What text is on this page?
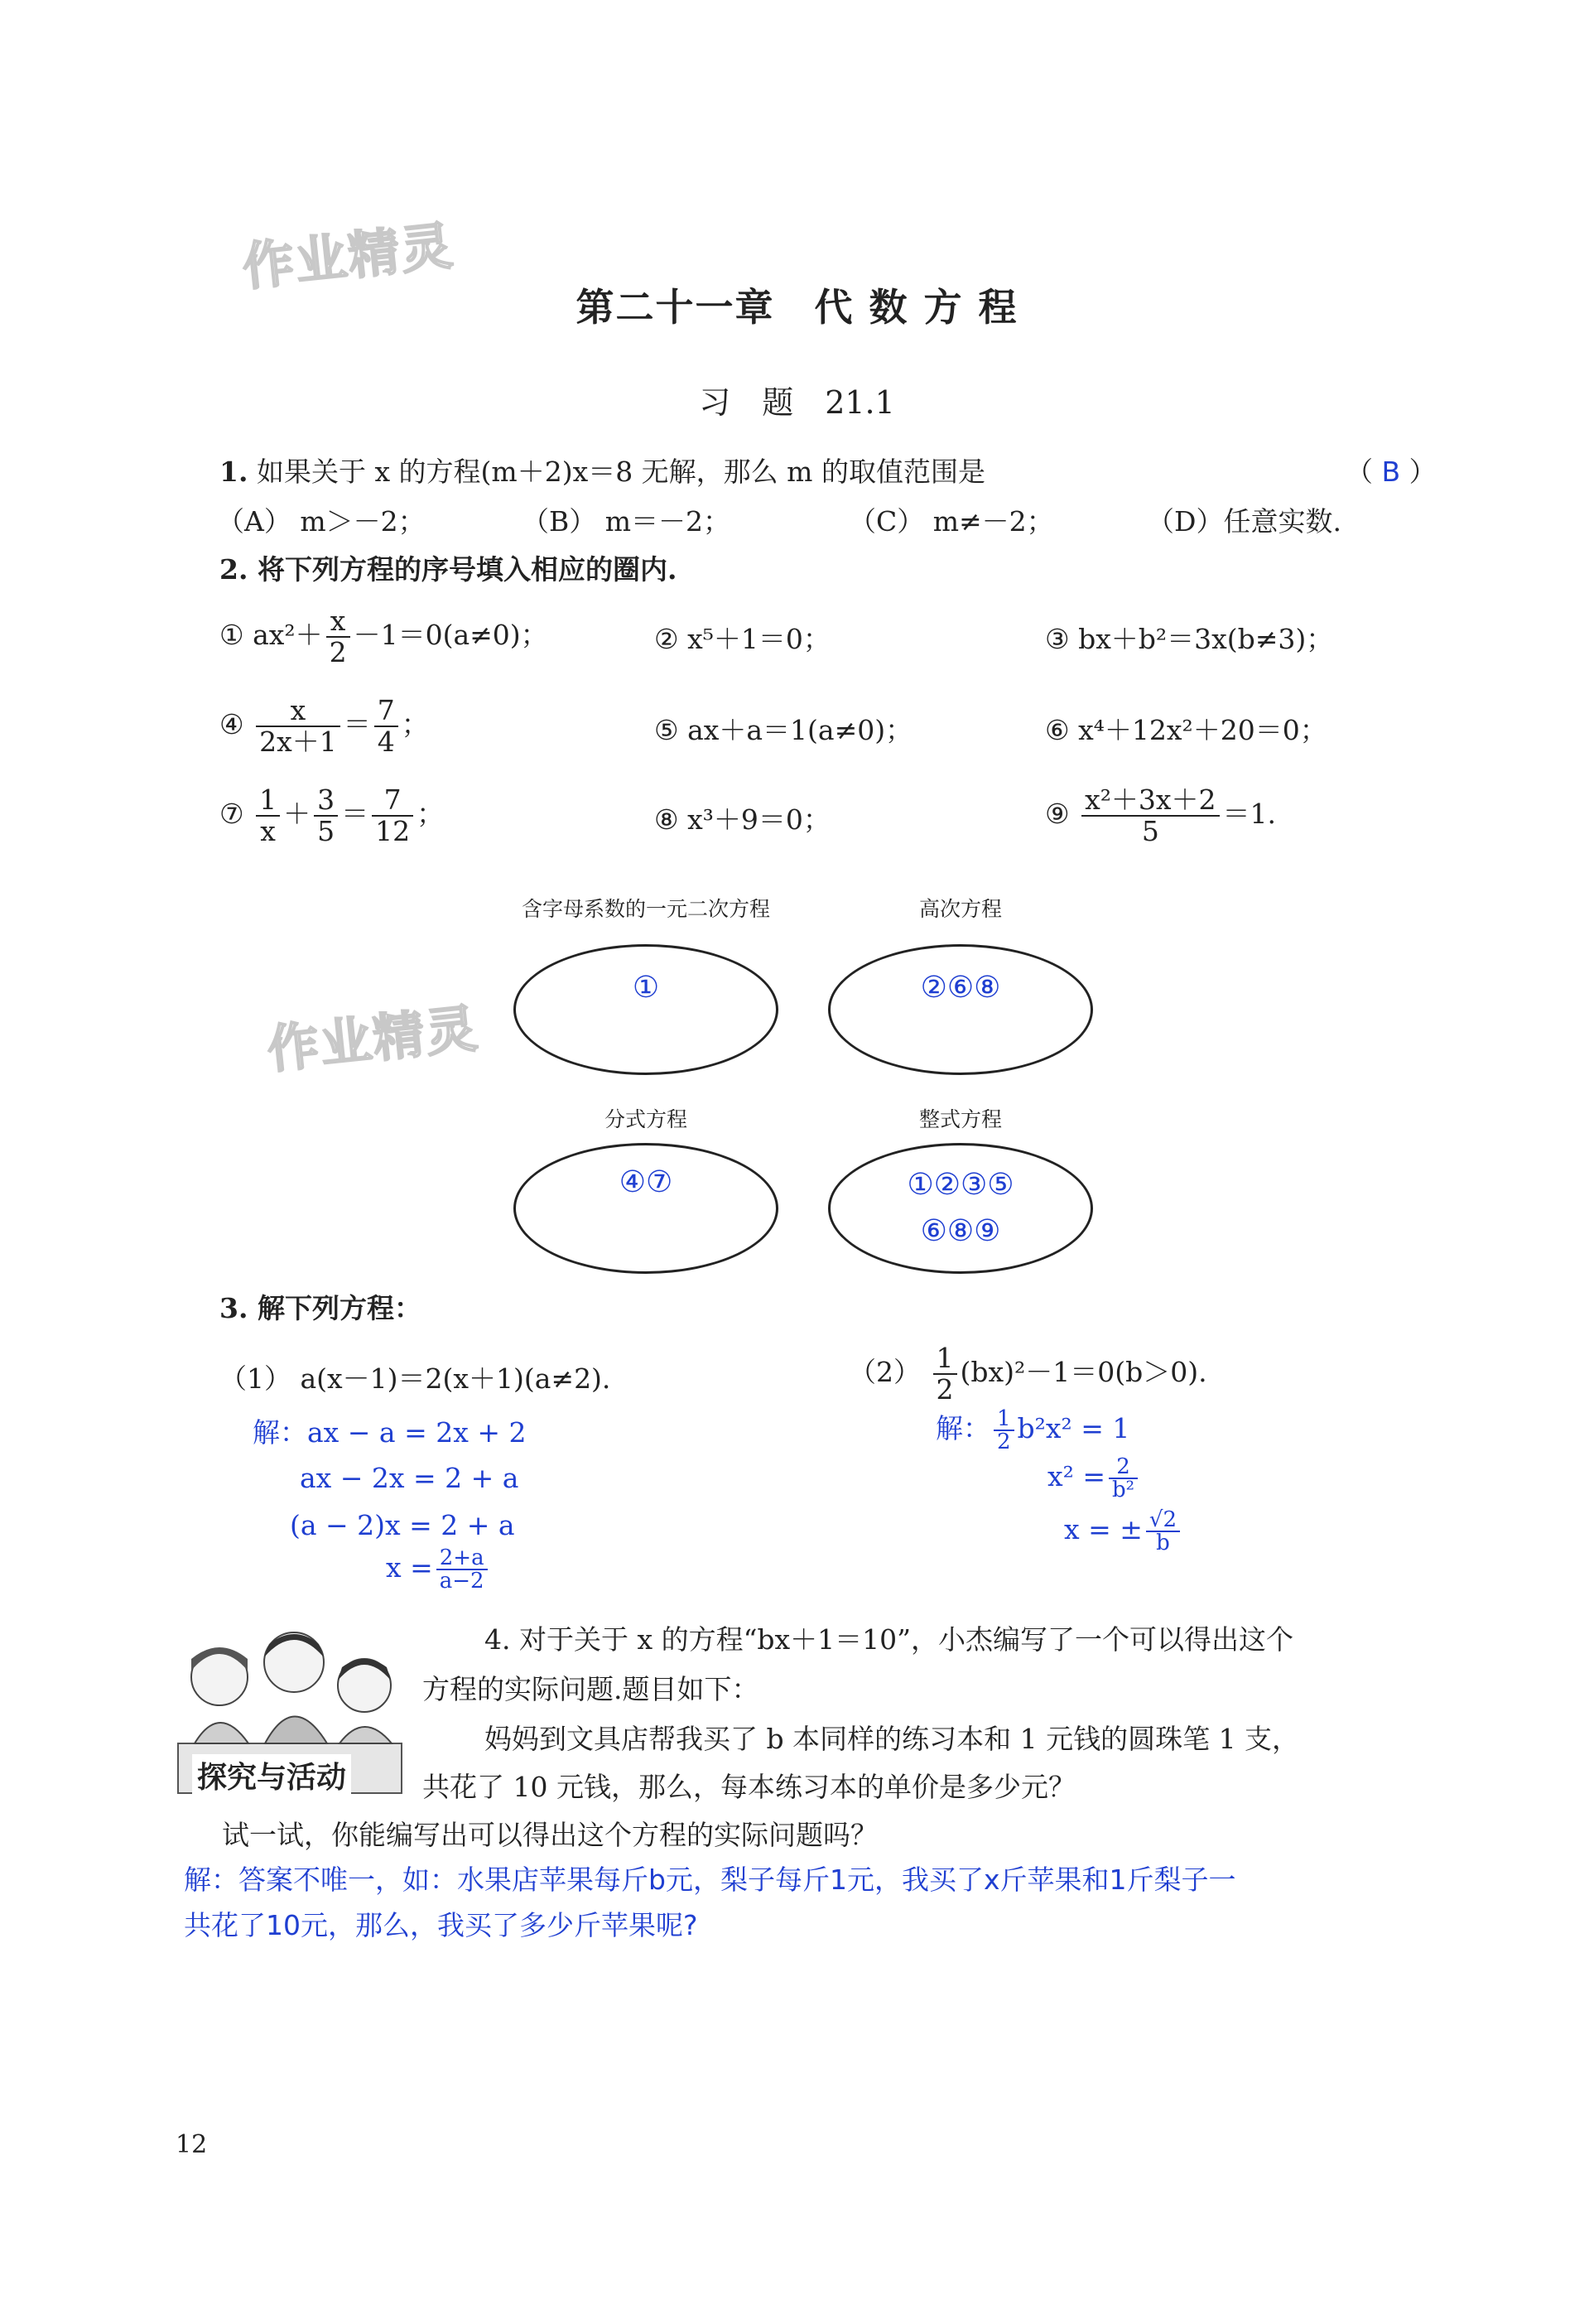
作业精灵
作业精灵
第二十一章　代 数 方 程
习　题　21.1
1. 如果关于 x 的方程(m＋2)x＝8 无解，那么 m 的取值范围是	（ B ）
（A） m＞－2；	（B） m＝－2；	（C） m≠－2；	（D）任意实数.
2. 将下列方程的序号填入相应的圈内.
① $ax^2+ \frac{x}{2} -1=0(a\ne 0)$；	② x⁵＋1＝0；	③ bx＋b²＝3x(b≠3)；
④ $\frac{x}{2x+1} = \frac{7}{4}$ ；	⑤ ax＋a＝1(a≠0)；	⑥ x⁴＋12x²＋20＝0；
⑦ $\frac{1}{x} + \frac{3}{5} = \frac{7}{12}$ ；	⑧ x³＋9＝0；	⑨ $\frac{\text{x²＋3x＋2}}{5} =1$.
含字母系数的一元二次方程
①
高次方程
②⑥⑧
分式方程
④⑦
整式方程
①②③⑤
⑥⑧⑨
3. 解下列方程：
（1） a(x－1)＝2(x＋1)(a≠2).
解：ax − a = 2x + 2
ax − 2x = 2 + a
(a − 2)x = 2 + a
$x = \frac{2+a}{a-2}$
$(2) \frac{1}{2} (bx)^2-1=0(b>0)$.
解： $\frac{1}{2} b^2x^2 = 1$
$x^2 = \frac{2}{\text{b²}}$
x = ± $\frac{√2}{b}$
探究与活动
4. 对于关于 x 的方程“bx＋1＝10”，小杰编写了一个可以得出这个
方程的实际问题.题目如下：
妈妈到文具店帮我买了 b 本同样的练习本和 1 元钱的圆珠笔 1 支，
共花了 10 元钱，那么，每本练习本的单价是多少元？
试一试，你能编写出可以得出这个方程的实际问题吗？
解：答案不唯一，如：水果店苹果每斤b元，梨子每斤1元，我买了x斤苹果和1斤梨子一
共花了10元，那么，我买了多少斤苹果呢?
12
